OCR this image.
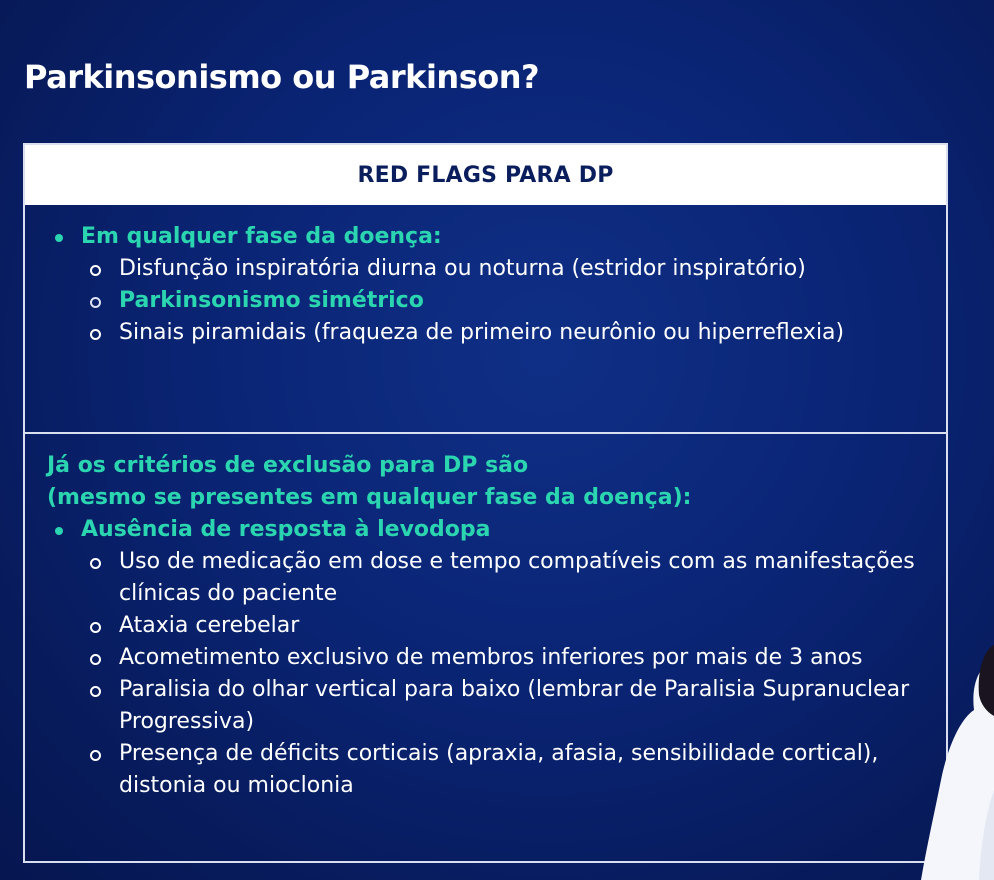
Parkinsonismo ou Parkinson?
RED FLAGS PARA DP
Em qualquer fase da doença:
Disfunção inspiratória diurna ou noturna (estridor inspiratório)
Parkinsonismo simétrico
Sinais piramidais (fraqueza de primeiro neurônio ou hiperreflexia)

Já os critérios de exclusão para DP são
(mesmo se presentes em qualquer fase da doença):

Ausência de resposta à levodopa
Uso de medicação em dose e tempo compatíveis com as manifestações clínicas do paciente
Ataxia cerebelar
Acometimento exclusivo de membros inferiores por mais de 3 anos
Paralisia do olhar vertical para baixo (lembrar de Paralisia Supranuclear Progressiva)
Presença de déficits corticais (apraxia, afasia, sensibilidade cortical), distonia ou mioclonia
